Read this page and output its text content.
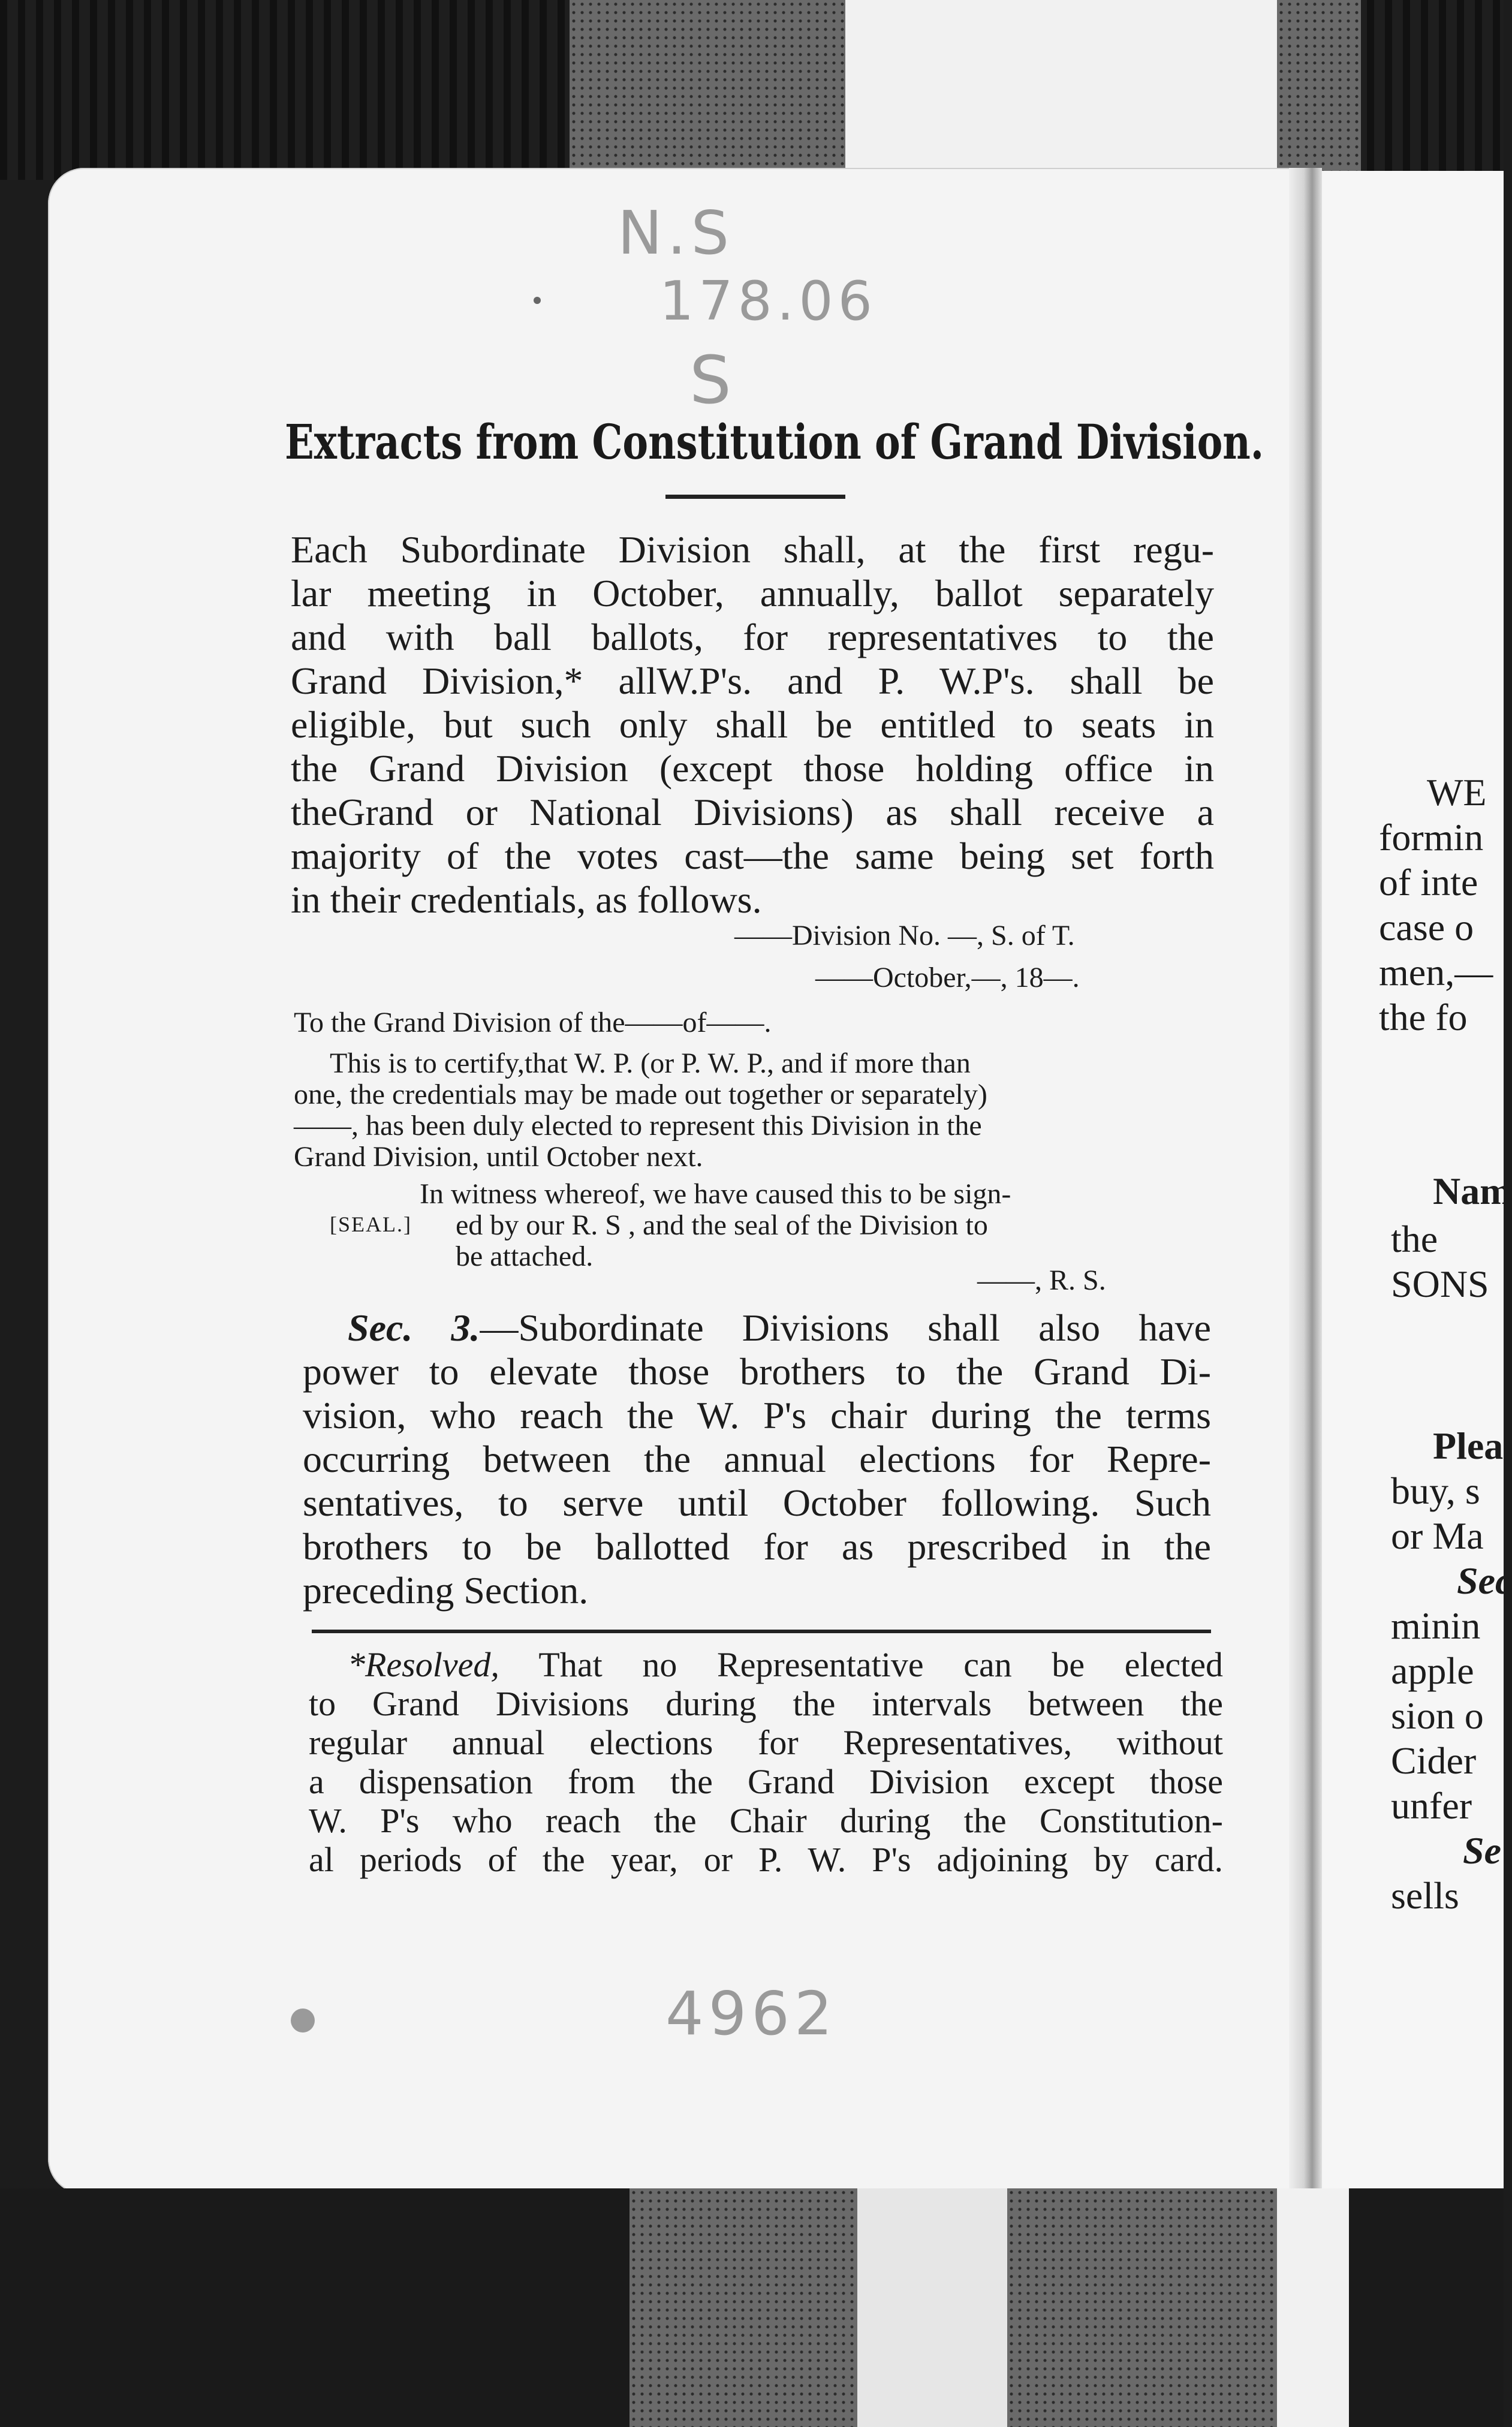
N.S
178.06
S
4962
Extracts from Constitution of Grand Division.
Each Subordinate Division shall, at the first regu-
lar meeting in October, annually, ballot separately
and with ball ballots, for representatives to the
Grand Division,* allW.P's. and P. W.P's. shall be
eligible, but such only shall be entitled to seats in
the Grand Division (except those holding office in
theGrand or National Divisions) as shall receive a
majority of the votes cast—the same being set forth
in their credentials, as follows.
——Division No. —, S. of T.
——October,—, 18—.
To the Grand Division of the——of——.
This is to certify,that W. P. (or P. W. P., and if more than
one, the credentials may be made out together or separately)
——, has been duly elected to represent this Division in the
Grand Division, until October next.
In witness whereof, we have caused this to be sign-
[SEAL.] ed by our R. S , and the seal of the Division to
be attached.
——, R. S.
Sec. 3.—Subordinate Divisions shall also have
power to elevate those brothers to the Grand Di-
vision, who reach the W. P's chair during the terms
occurring between the annual elections for Repre-
sentatives, to serve until October following. Such
brothers to be ballotted for as prescribed in the
preceding Section.
*Resolved, That no Representative can be elected
to Grand Divisions during the intervals between the
regular annual elections for Representatives, without
a dispensation from the Grand Division except those
W. P's who reach the Chair during the Constitution-
al periods of the year, or P. W. P's adjoining by card.
WE
formin
of inte
case o
men,—
the fo
Nam
the
SONS
Plea
buy, s
or Ma
Sec
minin
apple
sion o
Cider
unfer
Se
sells
